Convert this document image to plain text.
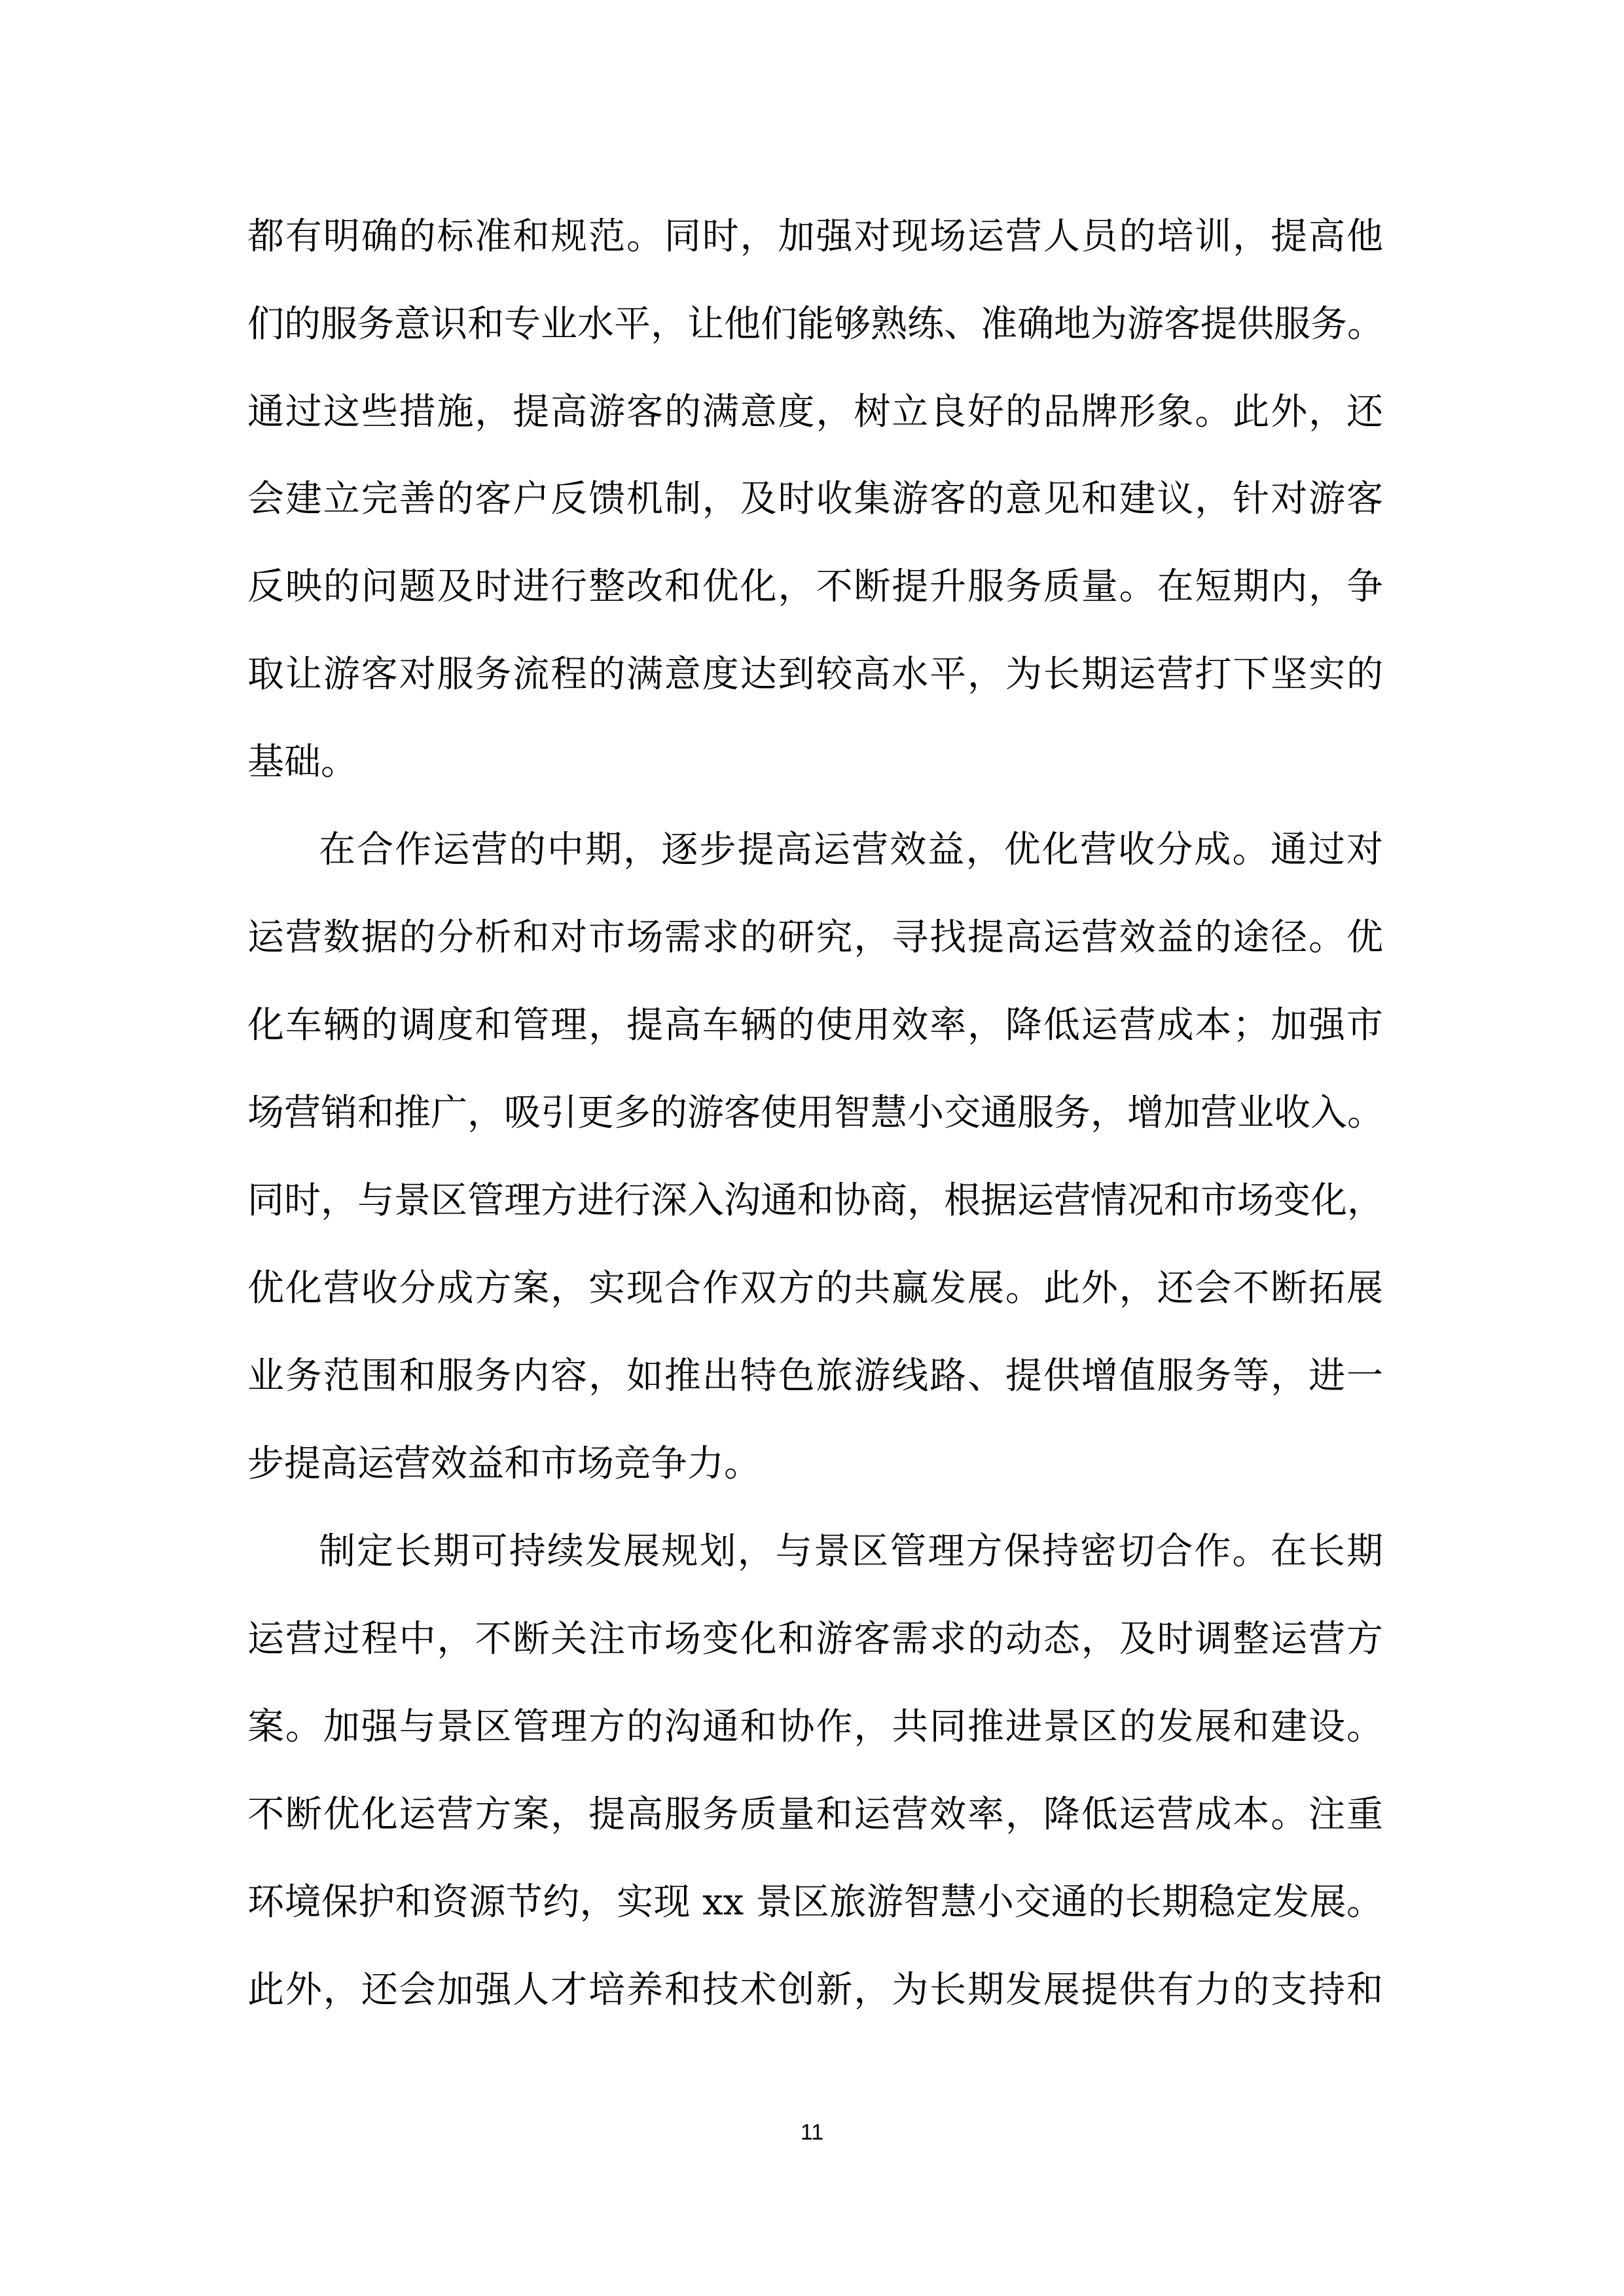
都有明确的标准和规范。同时，加强对现场运营人员的培训，提高他
们的服务意识和专业水平，让他们能够熟练、准确地为游客提供服务。
通过这些措施，提高游客的满意度，树立良好的品牌形象。此外，还
会建立完善的客户反馈机制，及时收集游客的意见和建议，针对游客
反映的问题及时进行整改和优化，不断提升服务质量。在短期内，争
取让游客对服务流程的满意度达到较高水平，为长期运营打下坚实的
基础。
在合作运营的中期，逐步提高运营效益，优化营收分成。通过对
运营数据的分析和对市场需求的研究，寻找提高运营效益的途径。优
化车辆的调度和管理，提高车辆的使用效率，降低运营成本；加强市
场营销和推广，吸引更多的游客使用智慧小交通服务，增加营业收入。
同时，与景区管理方进行深入沟通和协商，根据运营情况和市场变化，
优化营收分成方案，实现合作双方的共赢发展。此外，还会不断拓展
业务范围和服务内容，如推出特色旅游线路、提供增值服务等，进一
步提高运营效益和市场竞争力。
制定长期可持续发展规划，与景区管理方保持密切合作。在长期
运营过程中，不断关注市场变化和游客需求的动态，及时调整运营方
案。加强与景区管理方的沟通和协作，共同推进景区的发展和建设。
不断优化运营方案，提高服务质量和运营效率，降低运营成本。注重
环境保护和资源节约，实现 xx 景区旅游智慧小交通的长期稳定发展。
此外，还会加强人才培养和技术创新，为长期发展提供有力的支持和
11
